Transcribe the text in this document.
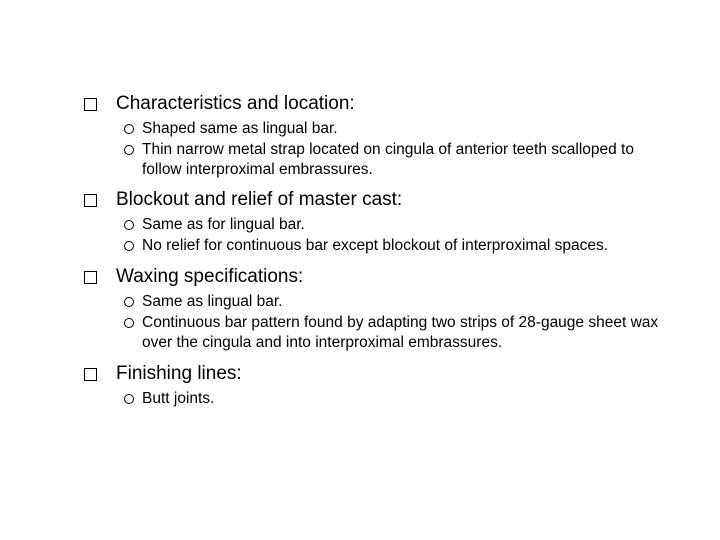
Characteristics and location:
Shaped same as lingual bar.
Thin narrow metal strap located on cingula of anterior teeth scalloped to follow interproximal embrassures.
Blockout and relief of master cast:
Same as for lingual bar.
No relief for continuous bar except blockout of interproximal spaces.
Waxing specifications:
Same as lingual bar.
Continuous bar pattern found by adapting two strips of 28-gauge sheet wax over the cingula and into interproximal embrassures.
Finishing lines:
Butt joints.
